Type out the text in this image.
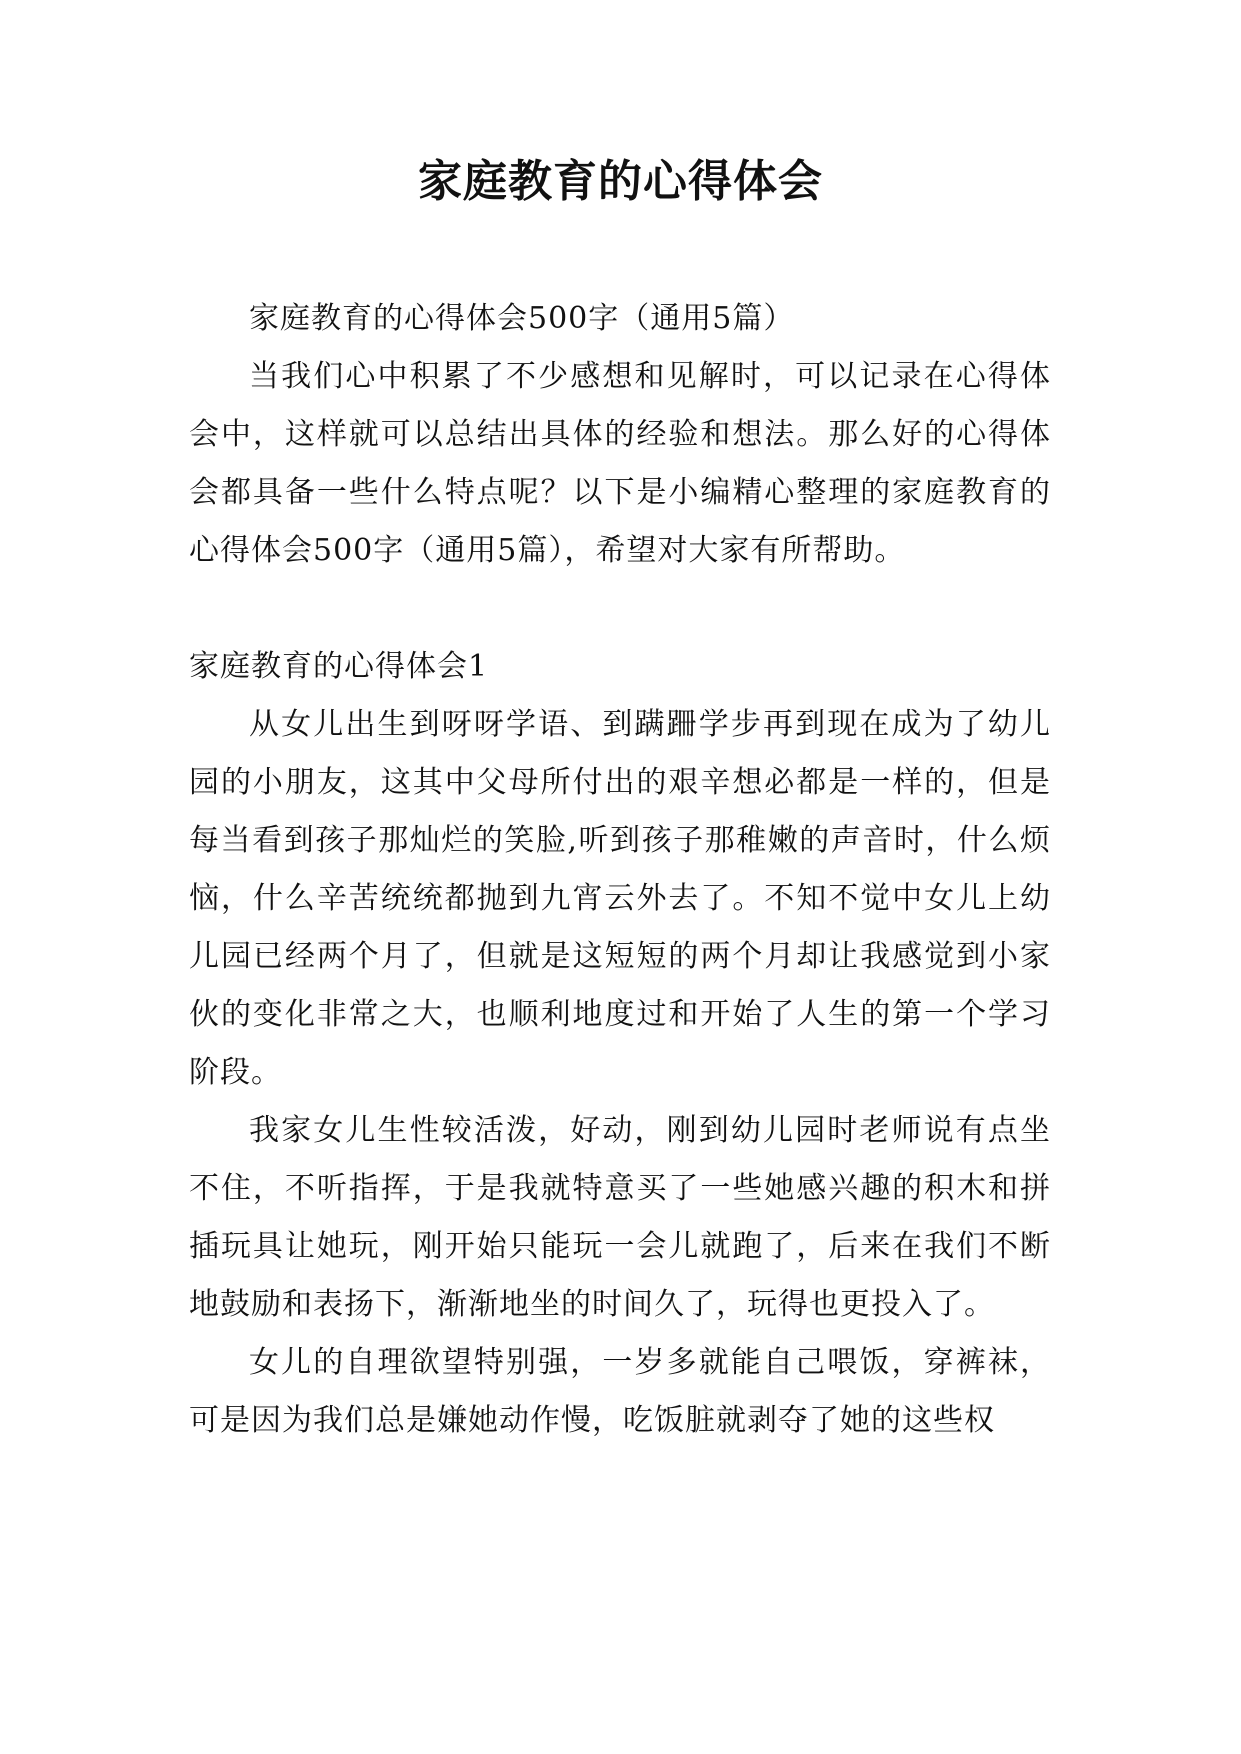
家庭教育的心得体会

家庭教育的心得体会500字（通用5篇）

当我们心中积累了不少感想和见解时，可以记录在心得体会中，这样就可以总结出具体的经验和想法。那么好的心得体会都具备一些什么特点呢？以下是小编精心整理的家庭教育的心得体会500字（通用5篇），希望对大家有所帮助。

家庭教育的心得体会1

从女儿出生到呀呀学语、到蹒跚学步再到现在成为了幼儿园的小朋友，这其中父母所付出的艰辛想必都是一样的，但是每当看到孩子那灿烂的笑脸,听到孩子那稚嫩的声音时，什么烦恼，什么辛苦统统都抛到九宵云外去了。不知不觉中女儿上幼儿园已经两个月了，但就是这短短的两个月却让我感觉到小家伙的变化非常之大，也顺利地度过和开始了人生的第一个学习阶段。

我家女儿生性较活泼，好动，刚到幼儿园时老师说有点坐不住，不听指挥，于是我就特意买了一些她感兴趣的积木和拼插玩具让她玩，刚开始只能玩一会儿就跑了，后来在我们不断地鼓励和表扬下，渐渐地坐的时间久了，玩得也更投入了。

女儿的自理欲望特别强，一岁多就能自己喂饭，穿裤袜，可是因为我们总是嫌她动作慢，吃饭脏就剥夺了她的这些权
